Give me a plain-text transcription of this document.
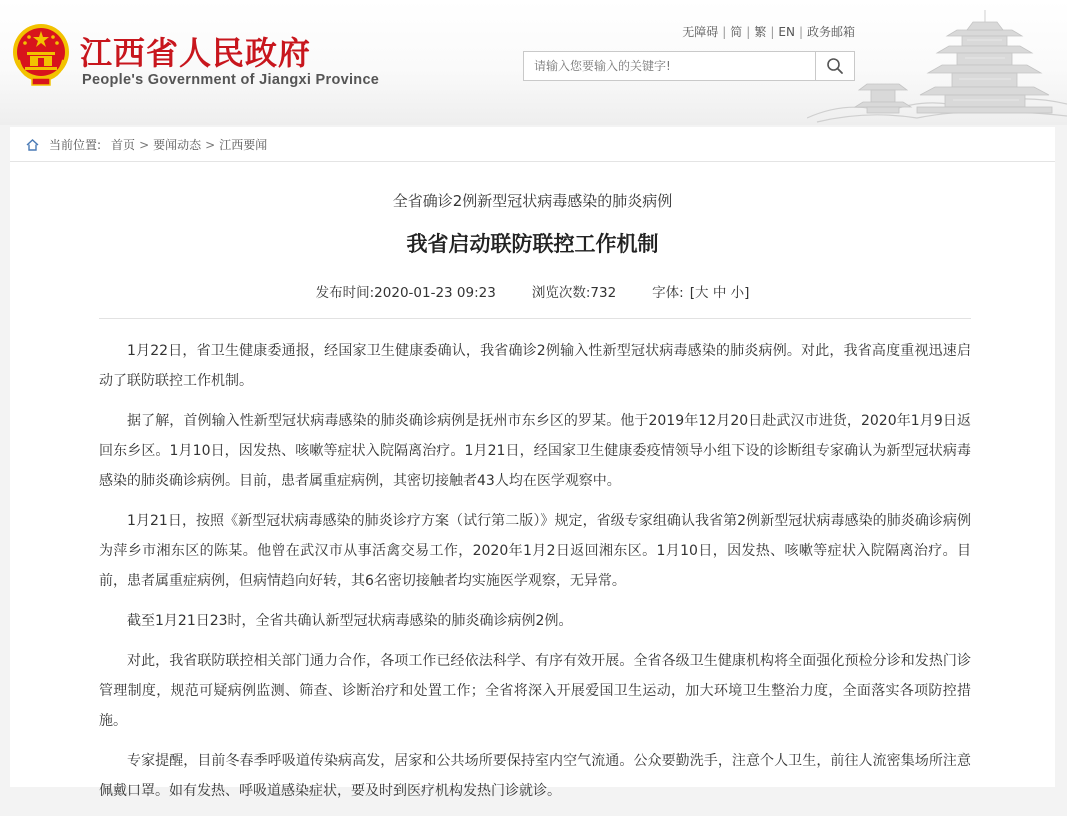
江西省人民政府
People's Government of Jiangxi Province
无障碍 | 简 | 繁 | EN | 政务邮箱
请输入您要输入的关键字!
当前位置: 首页 > 要闻动态 > 江西要闻
全省确诊2例新型冠状病毒感染的肺炎病例
我省启动联防联控工作机制
发布时间:2020-01-23 09:23	浏览次数:732	字体: [大 中 小]

1月22日，省卫生健康委通报，经国家卫生健康委确认，我省确诊2例输入性新型冠状病毒感染的肺炎病例。对此，我省高度重视迅速启动了联防联控工作机制。

据了解，首例输入性新型冠状病毒感染的肺炎确诊病例是抚州市东乡区的罗某。他于2019年12月20日赴武汉市进货，2020年1月9日返回东乡区。1月10日，因发热、咳嗽等症状入院隔离治疗。1月21日，经国家卫生健康委疫情领导小组下设的诊断组专家确认为新型冠状病毒感染的肺炎确诊病例。目前，患者属重症病例，其密切接触者43人均在医学观察中。

1月21日，按照《新型冠状病毒感染的肺炎诊疗方案（试行第二版）》规定，省级专家组确认我省第2例新型冠状病毒感染的肺炎确诊病例为萍乡市湘东区的陈某。他曾在武汉市从事活禽交易工作，2020年1月2日返回湘东区。1月10日，因发热、咳嗽等症状入院隔离治疗。目前，患者属重症病例，但病情趋向好转，其6名密切接触者均实施医学观察，无异常。

截至1月21日23时，全省共确认新型冠状病毒感染的肺炎确诊病例2例。

对此，我省联防联控相关部门通力合作，各项工作已经依法科学、有序有效开展。全省各级卫生健康机构将全面强化预检分诊和发热门诊管理制度，规范可疑病例监测、筛查、诊断治疗和处置工作；全省将深入开展爱国卫生运动，加大环境卫生整治力度，全面落实各项防控措施。

专家提醒，目前冬春季呼吸道传染病高发，居家和公共场所要保持室内空气流通。公众要勤洗手，注意个人卫生，前往人流密集场所注意佩戴口罩。如有发热、呼吸道感染症状，要及时到医疗机构发热门诊就诊。
